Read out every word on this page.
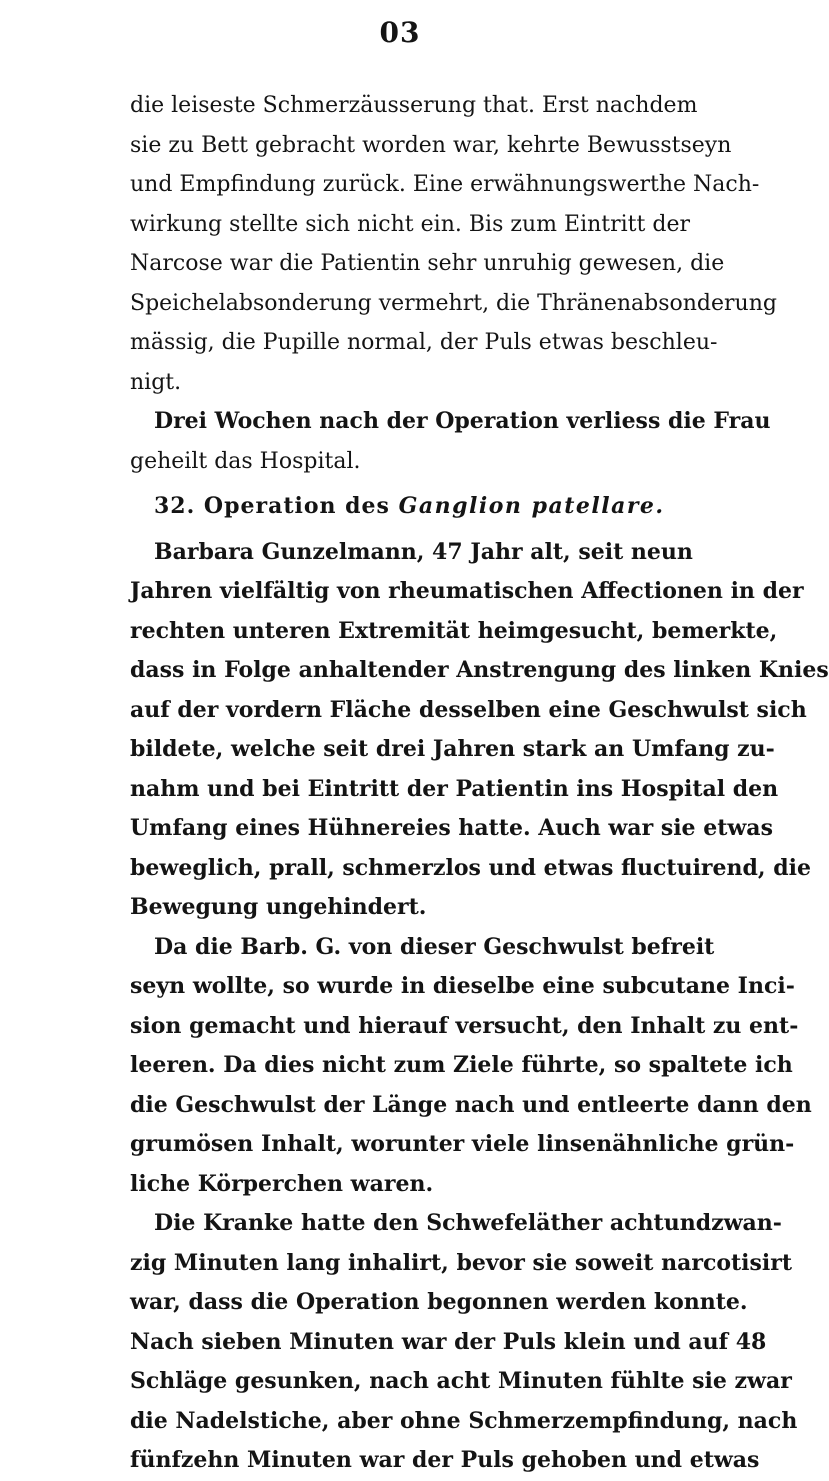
03
die leiseste Schmerzäusserung that. Erst nachdem
sie zu Bett gebracht worden war, kehrte Bewusstseyn
und Empfindung zurück. Eine erwähnungswerthe Nach-
wirkung stellte sich nicht ein. Bis zum Eintritt der
Narcose war die Patientin sehr unruhig gewesen, die
Speichelabsonderung vermehrt, die Thränenabsonderung
mässig, die Pupille normal, der Puls etwas beschleu-
nigt.
Drei Wochen nach der Operation verliess die Frau
geheilt das Hospital.
32. Operation des Ganglion patellare.
Barbara Gunzelmann, 47 Jahr alt, seit neun
Jahren vielfältig von rheumatischen Affectionen in der
rechten unteren Extremität heimgesucht, bemerkte,
dass in Folge anhaltender Anstrengung des linken Knies
auf der vordern Fläche desselben eine Geschwulst sich
bildete, welche seit drei Jahren stark an Umfang zu-
nahm und bei Eintritt der Patientin ins Hospital den
Umfang eines Hühnereies hatte. Auch war sie etwas
beweglich, prall, schmerzlos und etwas fluctuirend, die
Bewegung ungehindert.
Da die Barb. G. von dieser Geschwulst befreit
seyn wollte, so wurde in dieselbe eine subcutane Inci-
sion gemacht und hierauf versucht, den Inhalt zu ent-
leeren. Da dies nicht zum Ziele führte, so spaltete ich
die Geschwulst der Länge nach und entleerte dann den
grumösen Inhalt, worunter viele linsenähnliche grün-
liche Körperchen waren.
Die Kranke hatte den Schwefeläther achtundzwan-
zig Minuten lang inhalirt, bevor sie soweit narcotisirt
war, dass die Operation begonnen werden konnte.
Nach sieben Minuten war der Puls klein und auf 48
Schläge gesunken, nach acht Minuten fühlte sie zwar
die Nadelstiche, aber ohne Schmerzempfindung, nach
fünfzehn Minuten war der Puls gehoben und etwas
